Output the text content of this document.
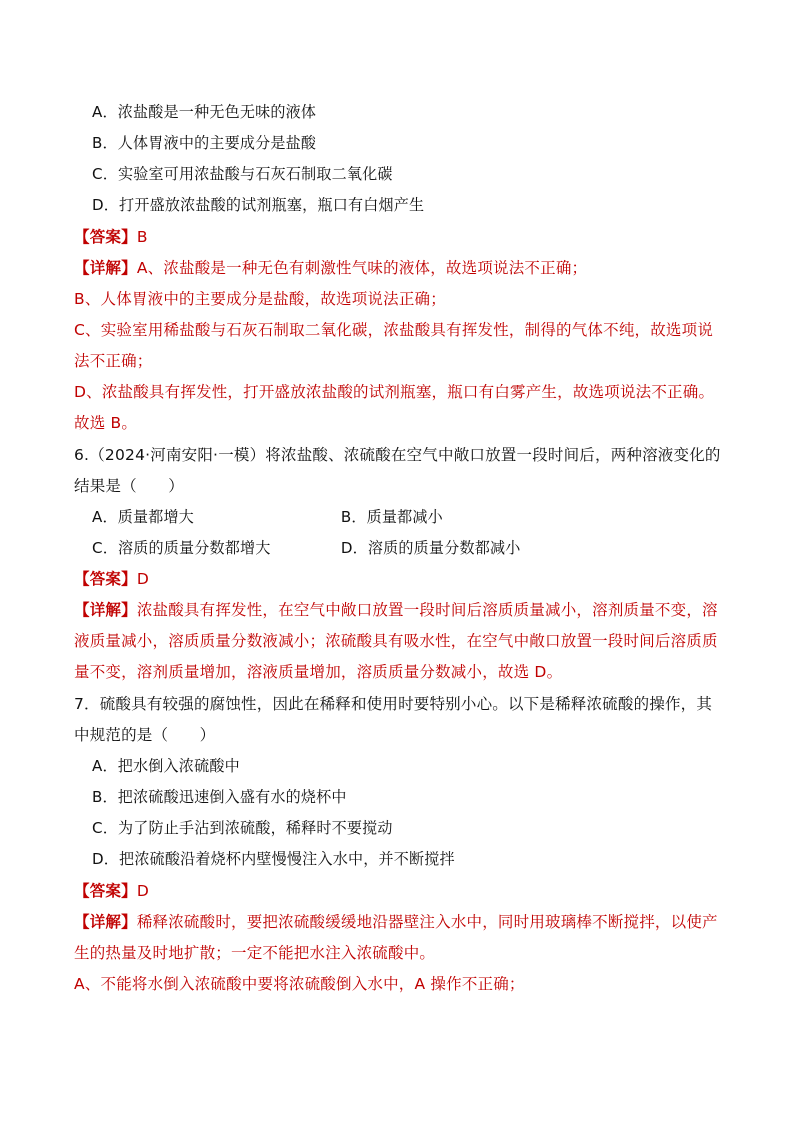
A．浓盐酸是一种无色无味的液体
B．人体胃液中的主要成分是盐酸
C．实验室可用浓盐酸与石灰石制取二氧化碳
D．打开盛放浓盐酸的试剂瓶塞，瓶口有白烟产生
【答案】B
【详解】A、浓盐酸是一种无色有刺激性气味的液体，故选项说法不正确；
B、人体胃液中的主要成分是盐酸，故选项说法正确；
C、实验室用稀盐酸与石灰石制取二氧化碳，浓盐酸具有挥发性，制得的气体不纯，故选项说
法不正确；
D、浓盐酸具有挥发性，打开盛放浓盐酸的试剂瓶塞，瓶口有白雾产生，故选项说法不正确。
故选 B。
6.（2024·河南安阳·一模）将浓盐酸、浓硫酸在空气中敞口放置一段时间后，两种溶液变化的
结果是（　　）
A．质量都增大	B．质量都减小
C．溶质的质量分数都增大	D．溶质的质量分数都减小
【答案】D
【详解】浓盐酸具有挥发性，在空气中敞口放置一段时间后溶质质量减小，溶剂质量不变，溶
液质量减小，溶质质量分数液减小；浓硫酸具有吸水性，在空气中敞口放置一段时间后溶质质
量不变，溶剂质量增加，溶液质量增加，溶质质量分数减小，故选 D。
7．硫酸具有较强的腐蚀性，因此在稀释和使用时要特别小心。以下是稀释浓硫酸的操作，其
中规范的是（　　）
A．把水倒入浓硫酸中
B．把浓硫酸迅速倒入盛有水的烧杯中
C．为了防止手沾到浓硫酸，稀释时不要搅动
D．把浓硫酸沿着烧杯内壁慢慢注入水中，并不断搅拌
【答案】D
【详解】稀释浓硫酸时，要把浓硫酸缓缓地沿器壁注入水中，同时用玻璃棒不断搅拌，以使产
生的热量及时地扩散；一定不能把水注入浓硫酸中。
A、不能将水倒入浓硫酸中要将浓硫酸倒入水中，A 操作不正确；
